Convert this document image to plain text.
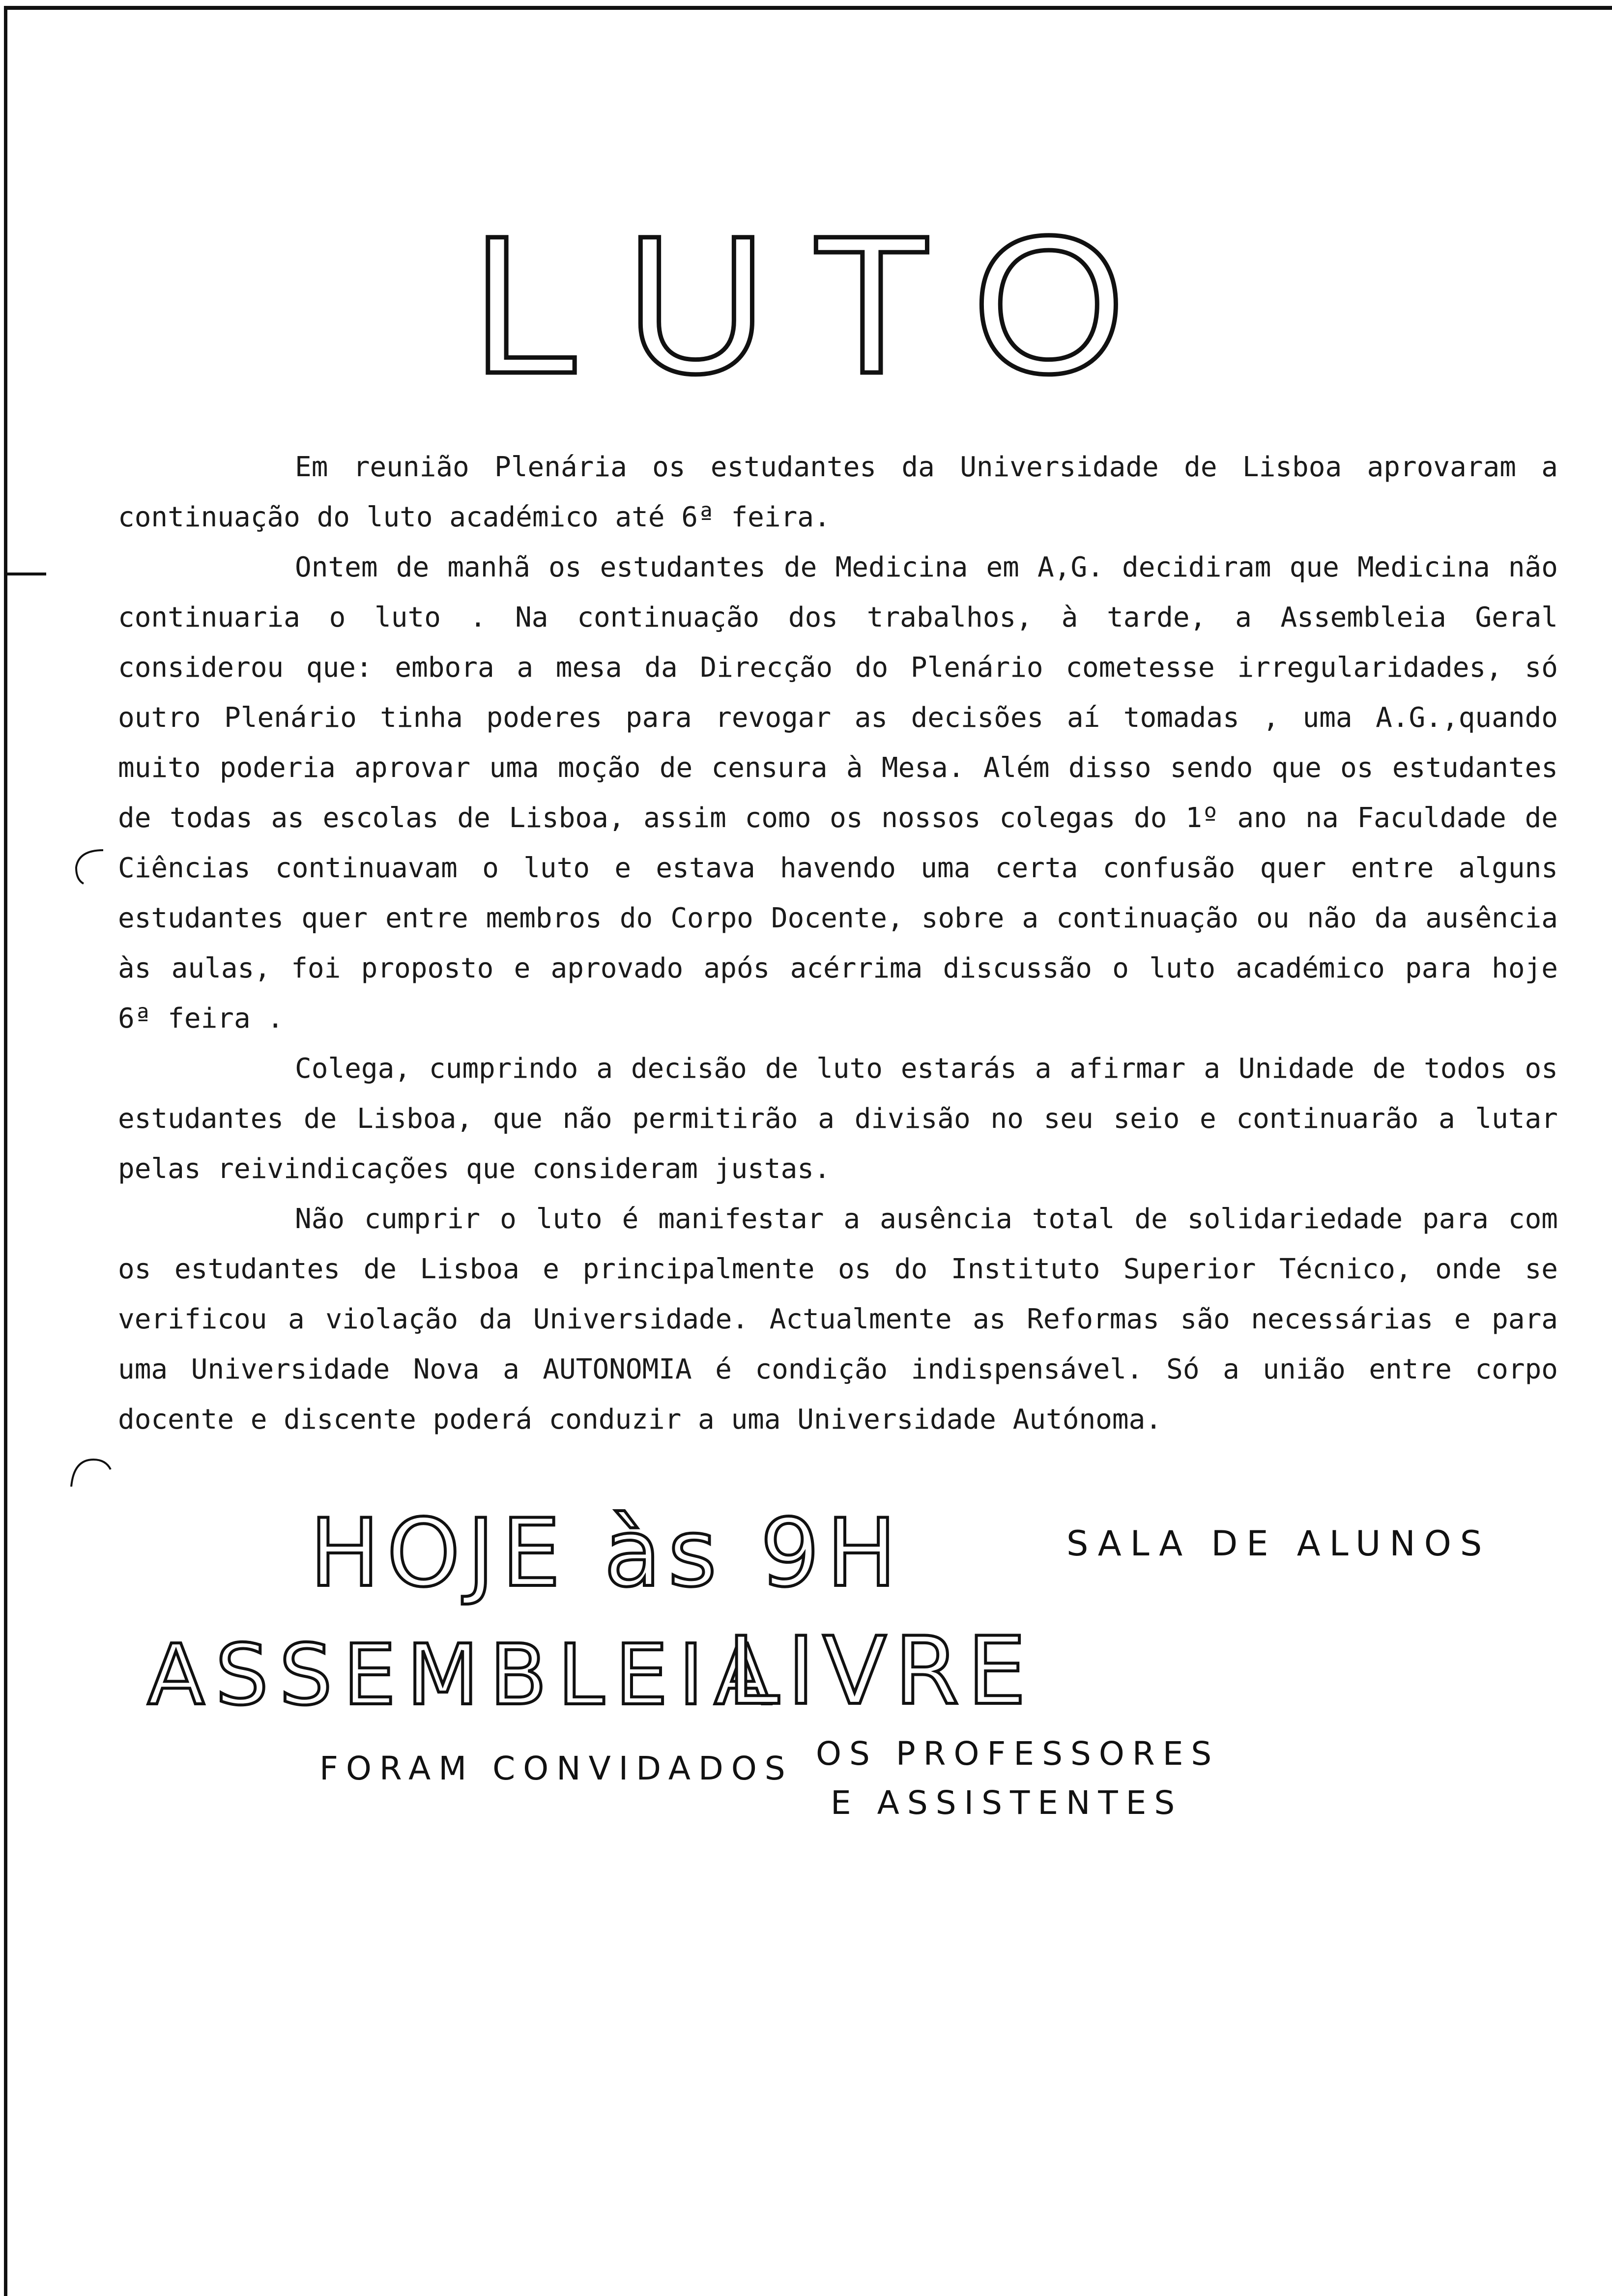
LUTO

Em reunião Plenária os estudantes da Universidade de Lisboa aprovaram a continuação do luto académico até 6ª feira.

Ontem de manhã os estudantes de Medicina em A,G. decidiram que Medicina não continuaria o luto . Na continuação dos trabalhos, à tarde, a Assembleia Geral considerou que: embora a mesa da Direcção do Plenário cometesse irregularidades, só outro Plenário tinha poderes para revogar as decisões aí tomadas , uma A.G.,quando muito poderia aprovar uma moção de censura à Mesa. Além disso sendo que os estudantes de todas as escolas de Lisboa, assim como os nossos colegas do 1º ano na Faculdade de Ciências continuavam o luto e estava havendo uma certa confusão quer entre alguns estudantes quer entre membros do Corpo Docente, sobre a continuação ou não da ausência às aulas, foi proposto e aprovado após acérrima discussão o luto académico para hoje 6ª feira .

Colega, cumprindo a decisão de luto estarás a afirmar a Unidade de todos os estudantes de Lisboa, que não permitirão a divisão no seu seio e continuarão a lutar pelas reivindicações que consideram justas.

Não cumprir o luto é manifestar a ausência total de solidariedade para com os estudantes de Lisboa e principalmente os do Instituto Superior Técnico, onde se verificou a violação da Universidade. Actualmente as Reformas são necessárias e para uma Universidade Nova a AUTONOMIA é condição indispensável. Só a união entre corpo docente e discente poderá conduzir a uma Universidade Autónoma.

HOJE às 9H	SALA DE ALUNOS
ASSEMBLEIA
LIVRE
FORAM CONVIDADOS OS PROFESSORES
E ASSISTENTES
